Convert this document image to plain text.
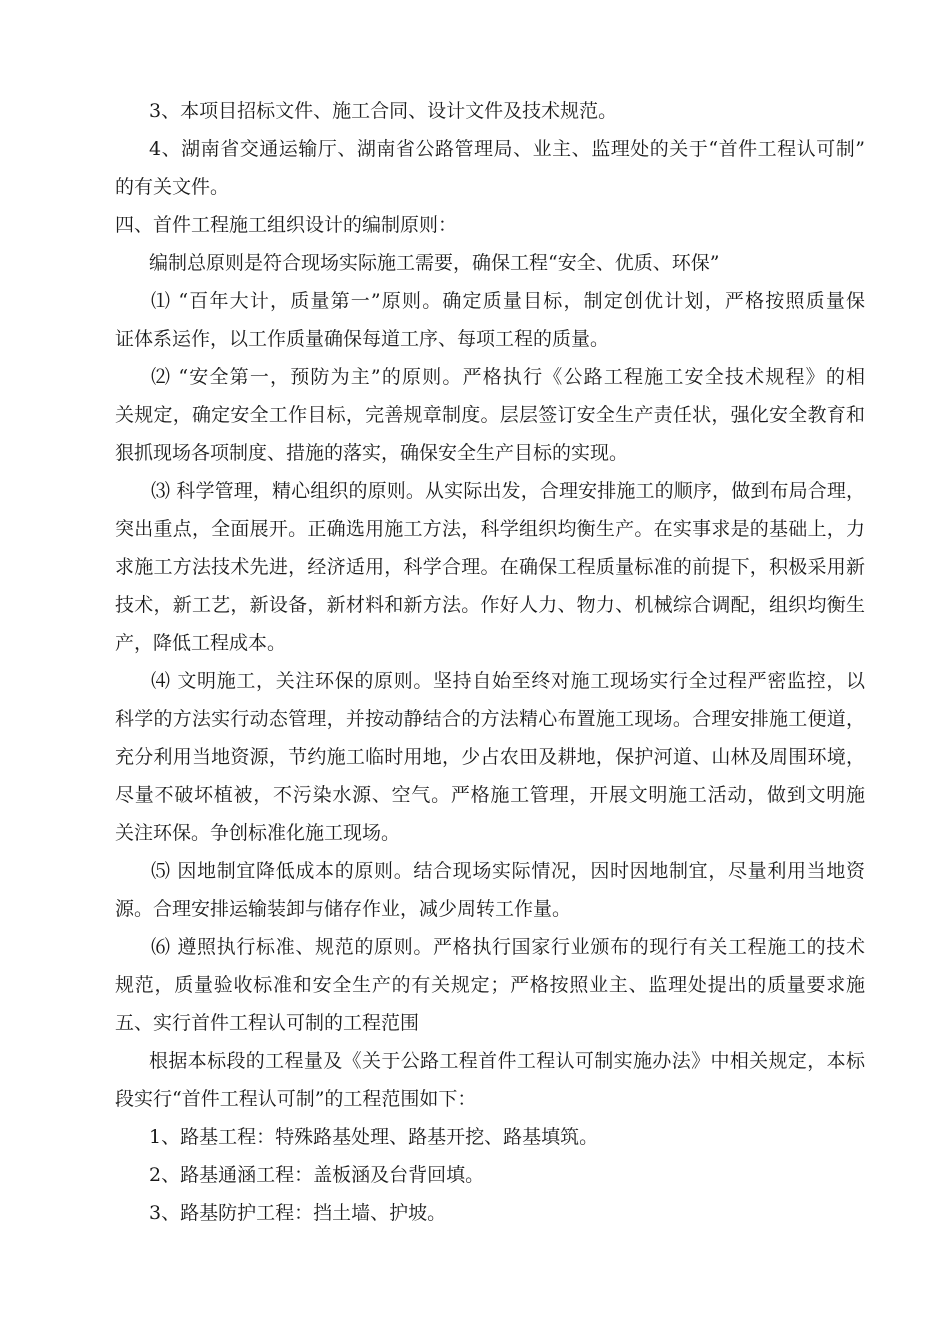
3、本项目招标文件、施工合同、设计文件及技术规范。
4、湖南省交通运输厅、湖南省公路管理局、业主、监理处的关于“首件工程认可制”
的有关文件。
四、首件工程施工组织设计的编制原则：
编制总原则是符合现场实际施工需要，确保工程“安全、优质、环保”
⑴ “百年大计，质量第一”原则。确定质量目标，制定创优计划，严格按照质量保
证体系运作，以工作质量确保每道工序、每项工程的质量。
⑵ “安全第一，预防为主”的原则。严格执行《公路工程施工安全技术规程》的相
关规定，确定安全工作目标，完善规章制度。层层签订安全生产责任状，强化安全教育和
狠抓现场各项制度、措施的落实，确保安全生产目标的实现。
⑶ 科学管理，精心组织的原则。从实际出发，合理安排施工的顺序，做到布局合理，
突出重点，全面展开。正确选用施工方法，科学组织均衡生产。在实事求是的基础上，力
求施工方法技术先进，经济适用，科学合理。在确保工程质量标准的前提下，积极采用新
技术，新工艺，新设备，新材料和新方法。作好人力、物力、机械综合调配，组织均衡生
产，降低工程成本。
⑷ 文明施工，关注环保的原则。坚持自始至终对施工现场实行全过程严密监控，以
科学的方法实行动态管理，并按动静结合的方法精心布置施工现场。合理安排施工便道，
充分利用当地资源，节约施工临时用地，少占农田及耕地，保护河道、山林及周围环境，
尽量不破坏植被，不污染水源、空气。严格施工管理，开展文明施工活动，做到文明施
关注环保。争创标准化施工现场。
⑸ 因地制宜降低成本的原则。结合现场实际情况，因时因地制宜，尽量利用当地资
源。合理安排运输装卸与储存作业，减少周转工作量。
⑹ 遵照执行标准、规范的原则。严格执行国家行业颁布的现行有关工程施工的技术
规范，质量验收标准和安全生产的有关规定；严格按照业主、监理处提出的质量要求施
五、实行首件工程认可制的工程范围
根据本标段的工程量及《关于公路工程首件工程认可制实施办法》中相关规定，本标
段实行“首件工程认可制”的工程范围如下：
1、路基工程：特殊路基处理、路基开挖、路基填筑。
2、路基通涵工程：盖板涵及台背回填。
3、路基防护工程：挡土墙、护坡。
